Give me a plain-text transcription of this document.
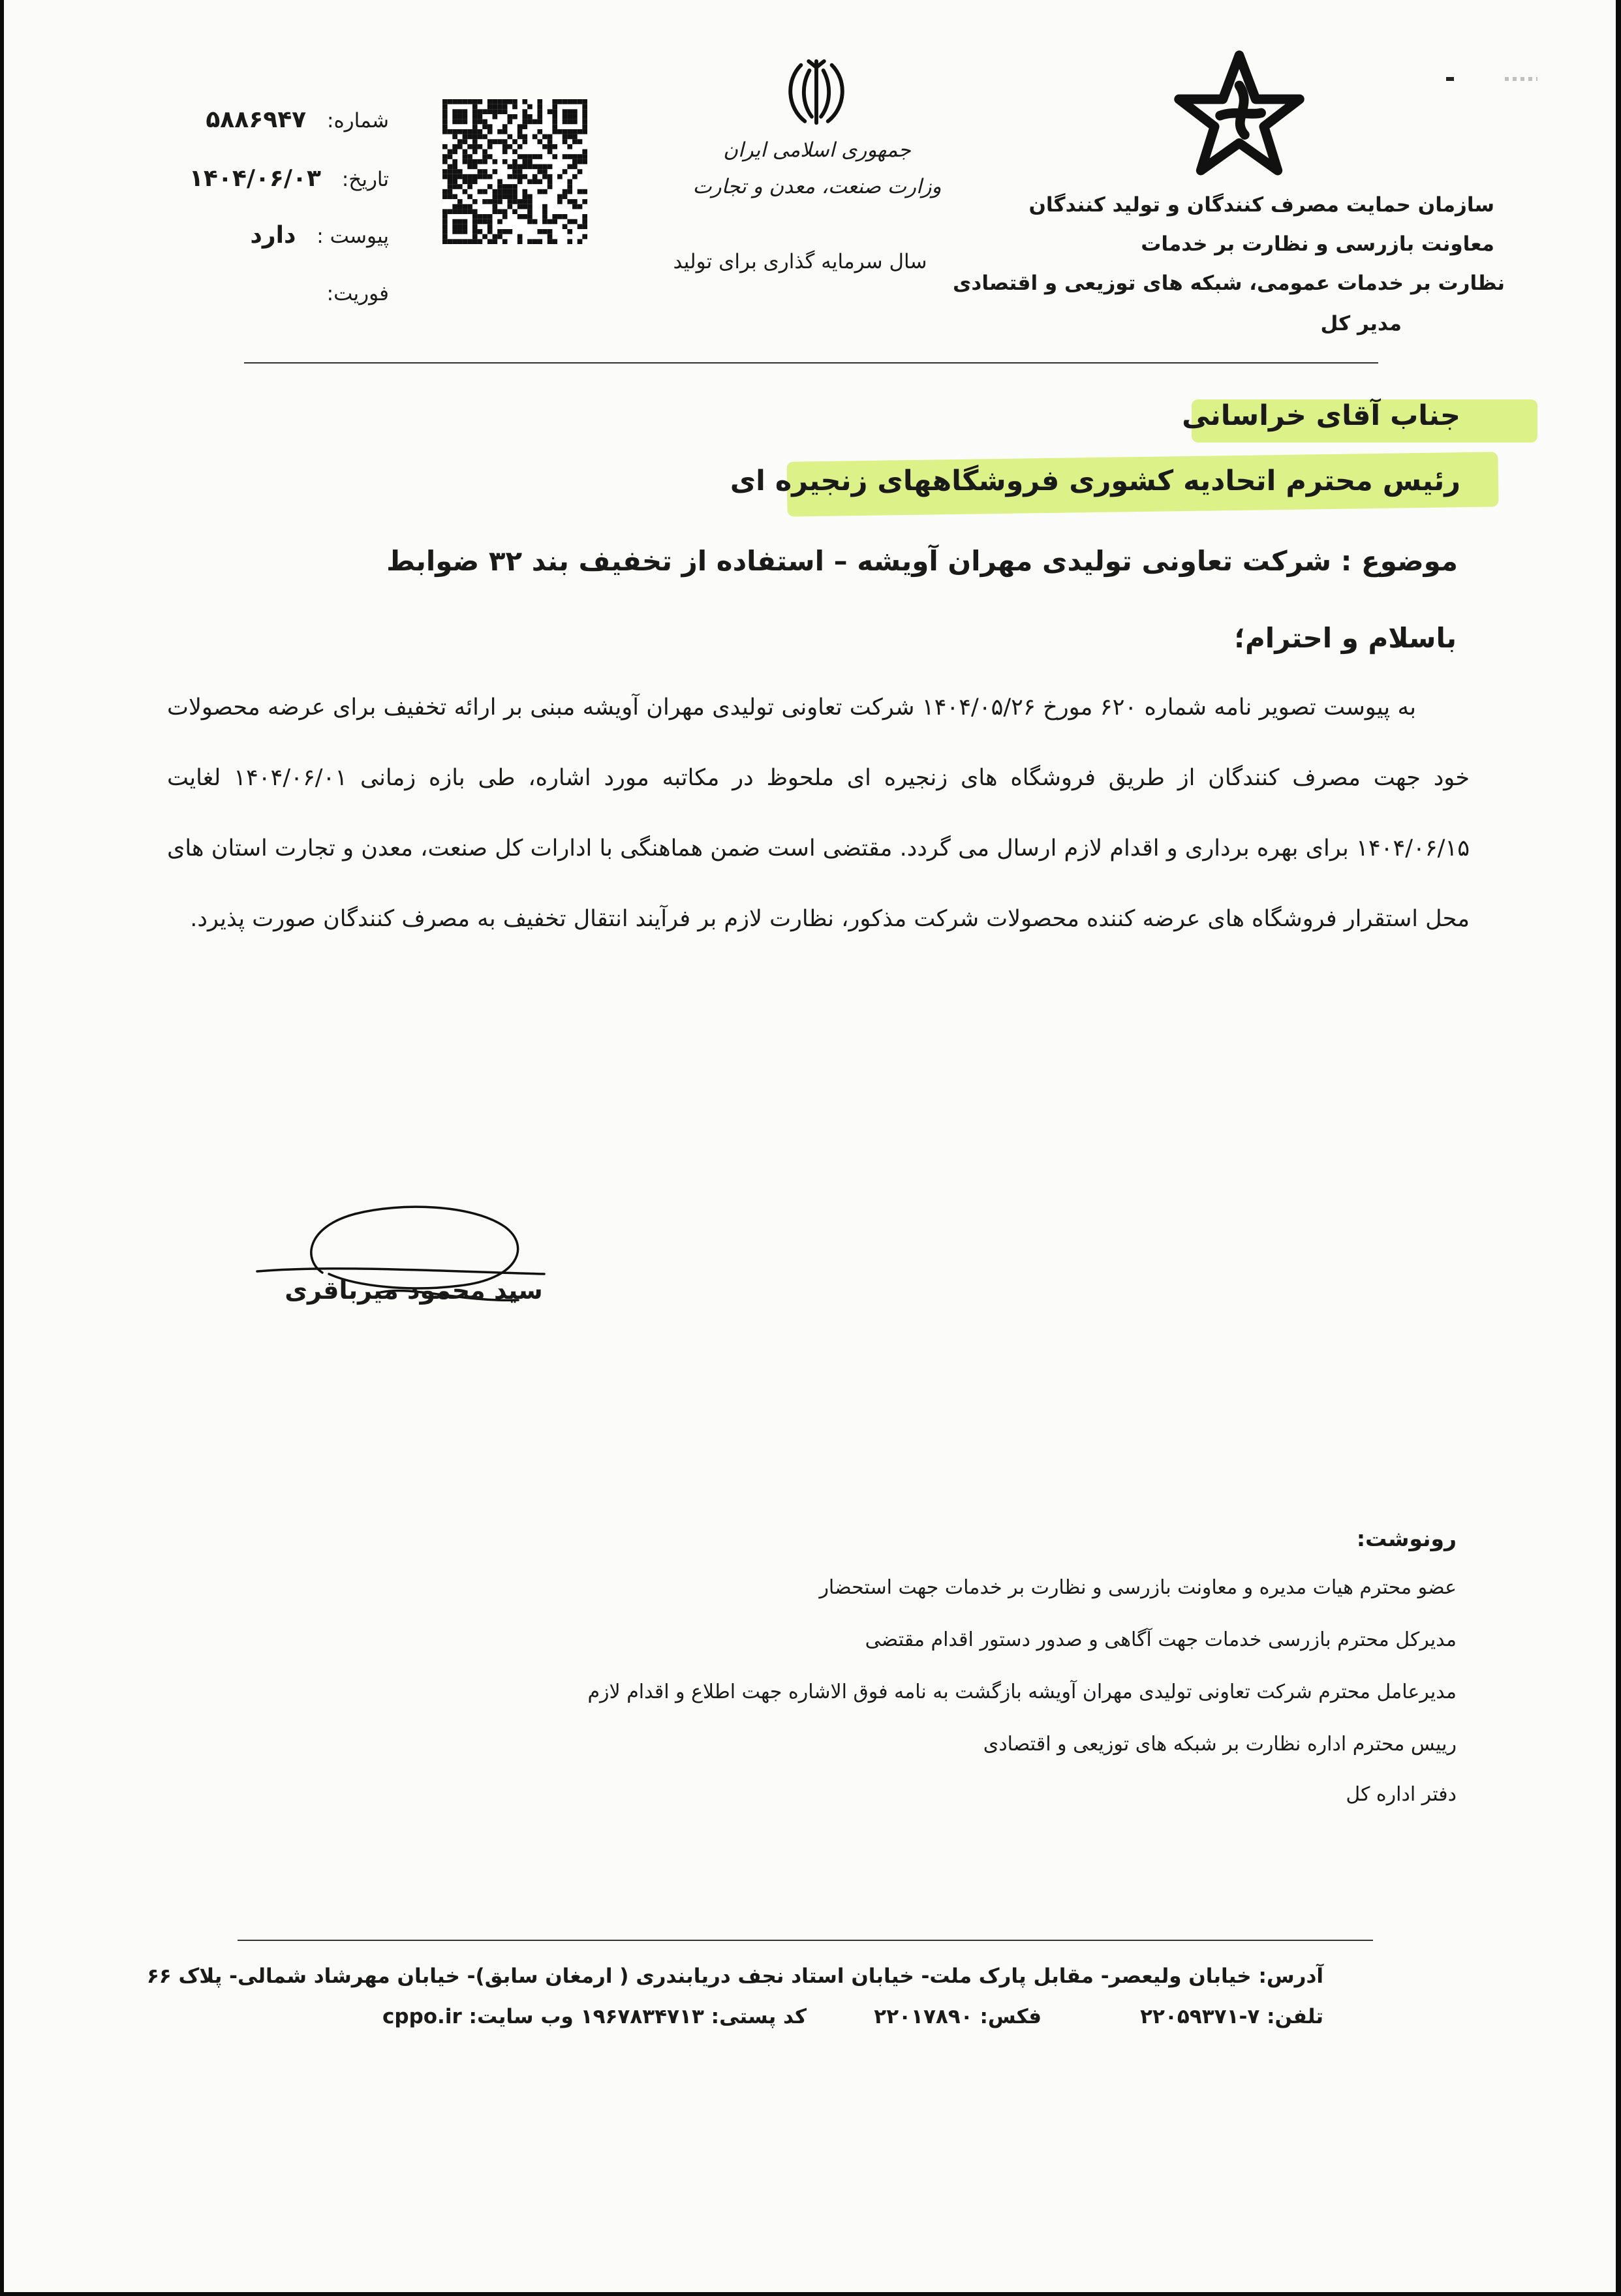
شماره: ۵۸۸۶۹۴۷
تاریخ: ۱۴۰۴/۰۶/۰۳
پیوست : دارد
فوریت:
جمهوری اسلامی ایران
وزارت صنعت، معدن و تجارت
سال سرمایه گذاری برای تولید
سازمان حمایت مصرف کنندگان و تولید کنندگان
معاونت بازرسی و نظارت بر خدمات
نظارت بر خدمات عمومی، شبکه های توزیعی و اقتصادی
مدیر کل
جناب آقای خراسانی
رئیس محترم اتحادیه کشوری فروشگاههای زنجیره ای
موضوع : شرکت تعاونی تولیدی مهران آویشه – استفاده از تخفیف بند ۳۲ ضوابط
باسلام و احترام؛
به پیوست تصویر نامه شماره ۶۲۰ مورخ ۱۴۰۴/۰۵/۲۶ شرکت تعاونی تولیدی مهران آویشه مبنی بر ارائه تخفیف برای عرضه محصولات خود جهت مصرف کنندگان از طریق فروشگاه های زنجیره ای ملحوظ در مکاتبه مورد اشاره، طی بازه زمانی ۱۴۰۴/۰۶/۰۱ لغایت ۱۴۰۴/۰۶/۱۵ برای بهره برداری و اقدام لازم ارسال می گردد. مقتضی است ضمن هماهنگی با ادارات کل صنعت، معدن و تجارت استان های محل استقرار فروشگاه های عرضه کننده محصولات شرکت مذکور، نظارت لازم بر فرآیند انتقال تخفیف به مصرف کنندگان صورت پذیرد.
سید محمود میرباقری
رونوشت:
عضو محترم هیات مدیره و معاونت بازرسی و نظارت بر خدمات جهت استحضار
مدیرکل محترم بازرسی خدمات جهت آگاهی و صدور دستور اقدام مقتضی
مدیرعامل محترم شرکت تعاونی تولیدی مهران آویشه بازگشت به نامه فوق الاشاره جهت اطلاع و اقدام لازم
رییس محترم اداره نظارت بر شبکه های توزیعی و اقتصادی
دفتر اداره کل
آدرس: خیابان ولیعصر- مقابل پارک ملت- خیابان استاد نجف دریابندری ( ارمغان سابق)- خیابان مهرشاد شمالی- پلاک ۶۶
تلفن: ۷-۲۲۰۵۹۳۷۱
فکس: ۲۲۰۱۷۸۹۰
کد پستی: ۱۹۶۷۸۳۴۷۱۳
وب سایت: cppo.ir
